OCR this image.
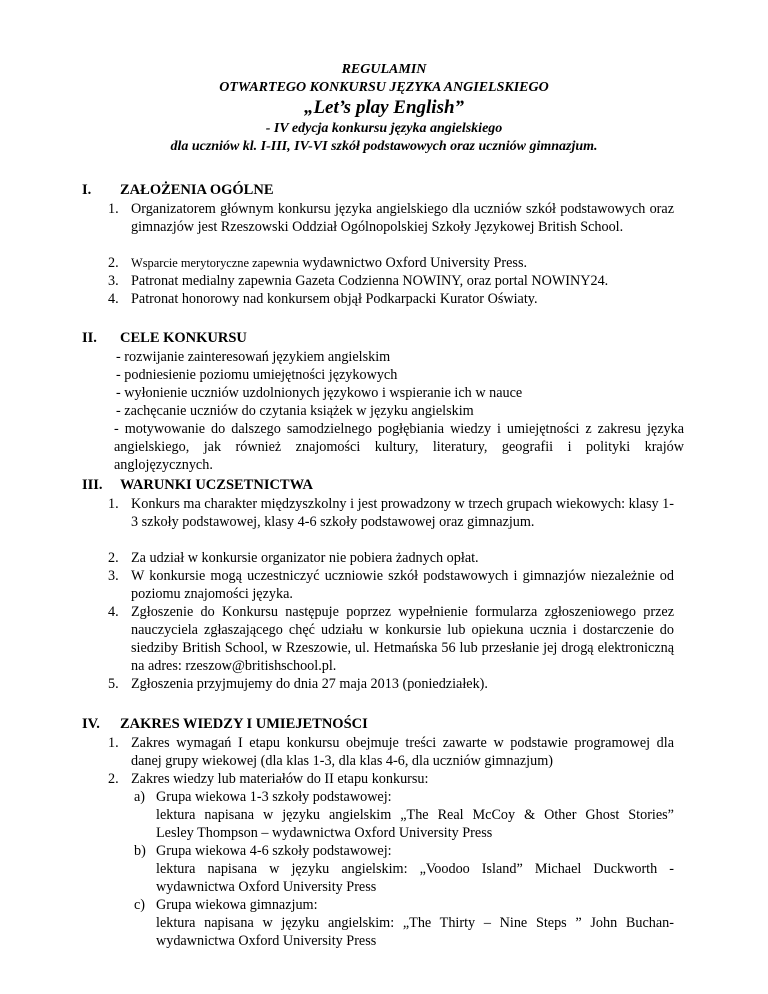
REGULAMIN
OTWARTEGO KONKURSU JĘZYKA ANGIELSKIEGO
„Let’s play English”
- IV edycja konkursu języka angielskiego
dla uczniów kl. I-III, IV-VI szkół podstawowych oraz uczniów gimnazjum.
I. ZAŁOŻENIA OGÓLNE
1. Organizatorem głównym konkursu języka angielskiego dla uczniów szkół podstawowych oraz gimnazjów jest Rzeszowski Oddział Ogólnopolskiej Szkoły Językowej British School.
2. Wsparcie merytoryczne zapewnia wydawnictwo Oxford University Press.
3. Patronat medialny zapewnia Gazeta Codzienna NOWINY, oraz portal NOWINY24.
4. Patronat honorowy nad konkursem objął Podkarpacki Kurator Oświaty.
II. CELE KONKURSU
- rozwijanie zainteresowań językiem angielskim
- podniesienie poziomu umiejętności językowych
- wyłonienie uczniów uzdolnionych językowo i wspieranie ich w nauce
- zachęcanie uczniów do czytania książek w języku angielskim
- motywowanie do dalszego samodzielnego pogłębiania wiedzy i umiejętności z zakresu języka angielskiego, jak również znajomości kultury, literatury, geografii i polityki krajów anglojęzycznych.
III. WARUNKI UCZSETNICTWA
1. Konkurs ma charakter międzyszkolny i jest prowadzony w trzech grupach wiekowych: klasy 1-3 szkoły podstawowej, klasy 4-6 szkoły podstawowej oraz gimnazjum.
2. Za udział w konkursie organizator nie pobiera żadnych opłat.
3. W konkursie mogą uczestniczyć uczniowie szkół podstawowych i gimnazjów niezależnie od poziomu znajomości języka.
4. Zgłoszenie do Konkursu następuje poprzez wypełnienie formularza zgłoszeniowego przez nauczyciela zgłaszającego chęć udziału w konkursie lub opiekuna ucznia i dostarczenie do siedziby British School, w Rzeszowie, ul. Hetmańska 56 lub przesłanie jej drogą elektroniczną na adres: rzeszow@britishschool.pl.
5. Zgłoszenia przyjmujemy do dnia 27 maja 2013 (poniedziałek).
IV. ZAKRES WIEDZY I UMIEJETNOŚCI
1. Zakres wymagań I etapu konkursu obejmuje treści zawarte w podstawie programowej dla danej grupy wiekowej (dla klas 1-3, dla klas 4-6, dla uczniów gimnazjum)
2. Zakres wiedzy lub materiałów do II etapu konkursu:
a) Grupa wiekowa 1-3 szkoły podstawowej:
lektura napisana w języku angielskim „The Real McCoy & Other Ghost Stories”
Lesley Thompson – wydawnictwa Oxford University Press
b) Grupa wiekowa 4-6 szkoły podstawowej:
lektura napisana w języku angielskim: „Voodoo Island” Michael Duckworth -
wydawnictwa Oxford University Press
c) Grupa wiekowa gimnazjum:
lektura napisana w języku angielskim: „The Thirty – Nine Steps ” John Buchan-
wydawnictwa Oxford University Press
